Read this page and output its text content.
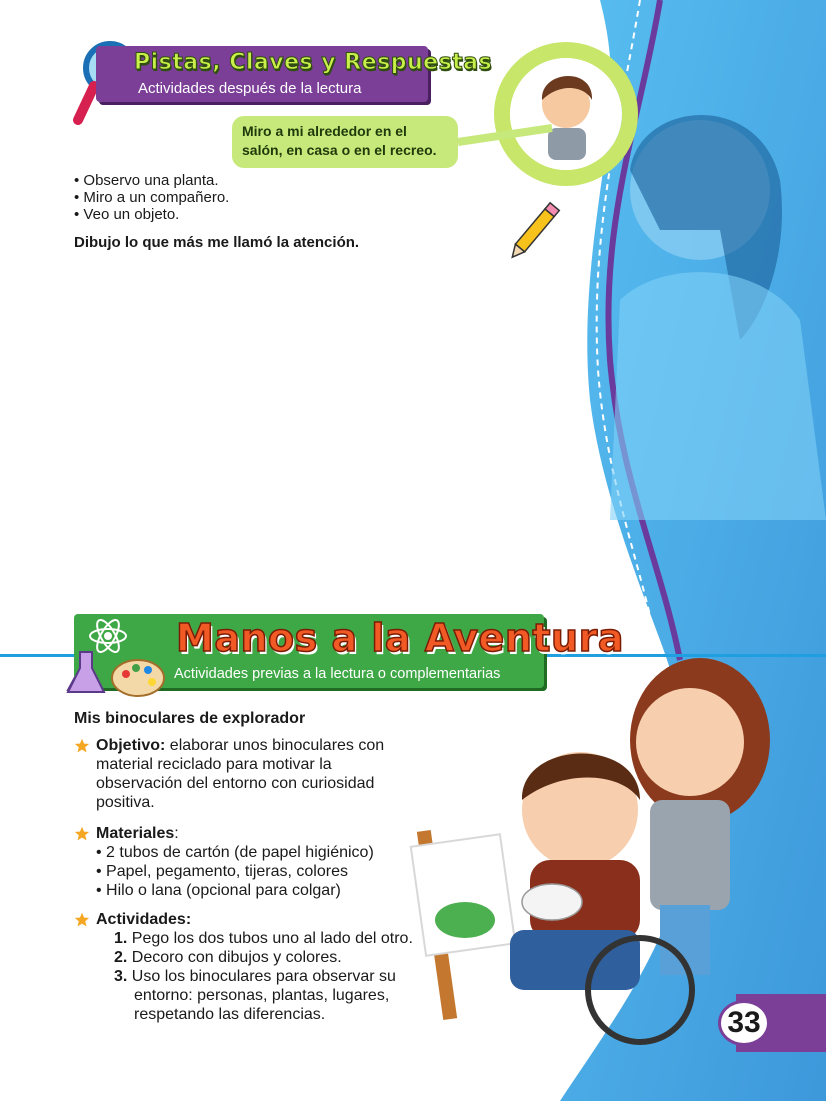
Pistas, Claves y Respuestas
Actividades después de la lectura
Miro a mi alrededor en el
salón, en casa o en el recreo.
• Observo una planta.
• Miro a un compañero.
• Veo un objeto.
Dibujo lo que más me llamó la atención.
Manos a la Aventura
Actividades previas a la lectura o complementarias
Mis binoculares de explorador
Objetivo: elaborar unos binoculares con
material reciclado para motivar la
observación del entorno con curiosidad
positiva.
Materiales:
• 2 tubos de cartón (de papel higiénico)
• Papel, pegamento, tijeras, colores
• Hilo o lana (opcional para colgar)
Actividades:
1. Pego los dos tubos uno al lado del otro.
2. Decoro con dibujos y colores.
3. Uso los binoculares para observar su
entorno: personas, plantas, lugares,
respetando las diferencias.	33
